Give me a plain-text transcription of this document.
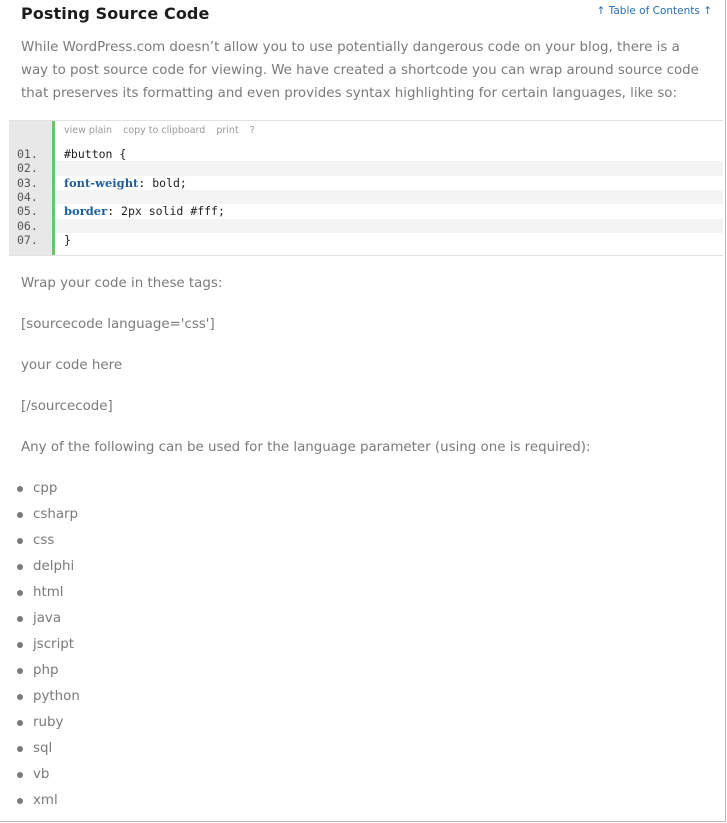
Posting Source Code	↑ Table of Contents ↑

While WordPress.com doesn’t allow you to use potentially dangerous code on your blog, there is a way to post source code for viewing. We have created a shortcode you can wrap around source code that preserves its formatting and even provides syntax highlighting for certain languages, like so:

view plain copy to clipboard print ?
01.	#button {
02.
03.	font-weight: bold;
04.
05.	border: 2px solid #fff;
06.
07.	}

Wrap your code in these tags:

[sourcecode language='css']

your code here

[/sourcecode]

Any of the following can be used for the language parameter (using one is required):

cpp
csharp
css
delphi
html
java
jscript
php
python
ruby
sql
vb
xml
